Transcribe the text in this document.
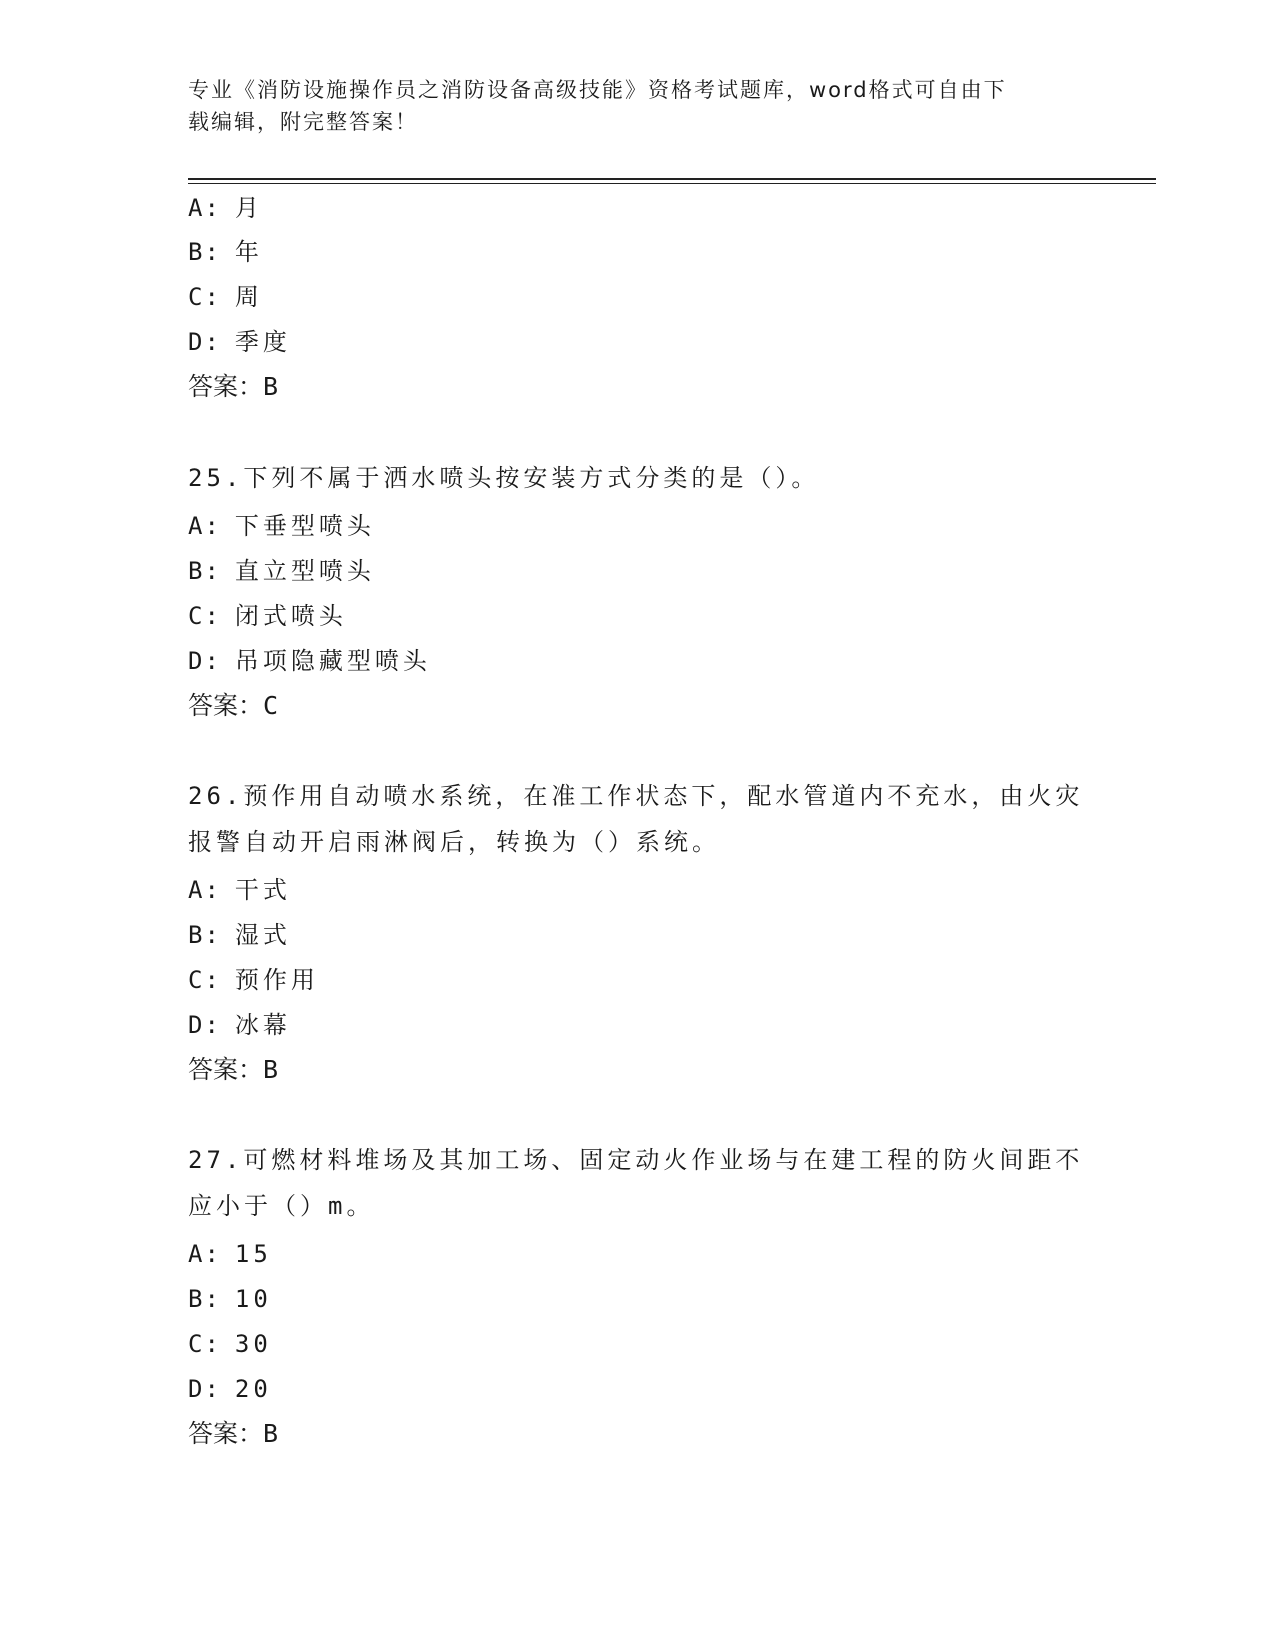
专业《消防设施操作员之消防设备高级技能》资格考试题库，word格式可自由下
载编辑，附完整答案！
A: 月
B: 年
C: 周
D: 季度
答案：B
25.下列不属于洒水喷头按安装方式分类的是（）。
A: 下垂型喷头
B: 直立型喷头
C: 闭式喷头
D: 吊项隐藏型喷头
答案：C
26.预作用自动喷水系统，在准工作状态下，配水管道内不充水，由火灾报警自动开启雨淋阀后，转换为（）系统。
A: 干式
B: 湿式
C: 预作用
D: 冰幕
答案：B
27.可燃材料堆场及其加工场、固定动火作业场与在建工程的防火间距不应小于（）m。
A: 15
B: 10
C: 30
D: 20
答案：B
